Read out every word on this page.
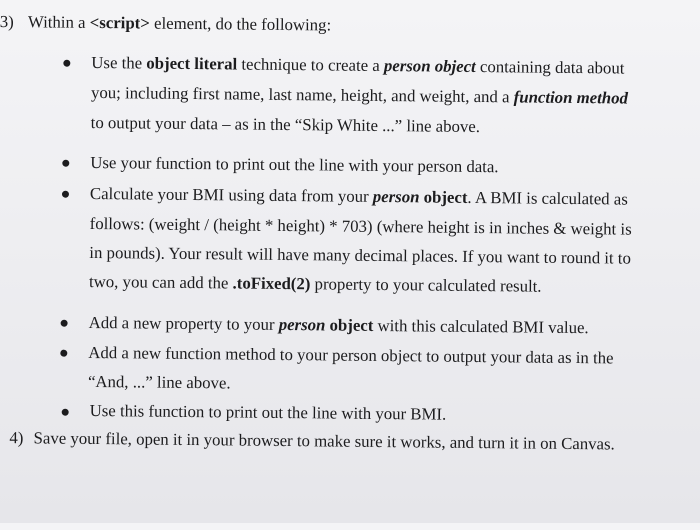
3) Within a <script> element, do the following:
Use the object literal technique to create a person object containing data about
you; including first name, last name, height, and weight, and a function method
to output your data – as in the “Skip White ...” line above.
Use your function to print out the line with your person data.
Calculate your BMI using data from your person object. A BMI is calculated as
follows: (weight / (height * height) * 703) (where height is in inches & weight is
in pounds). Your result will have many decimal places. If you want to round it to
two, you can add the .toFixed(2) property to your calculated result.
Add a new property to your person object with this calculated BMI value.
Add a new function method to your person object to output your data as in the
“And, ...” line above.
Use this function to print out the line with your BMI.
4) Save your file, open it in your browser to make sure it works, and turn it in on Canvas.
